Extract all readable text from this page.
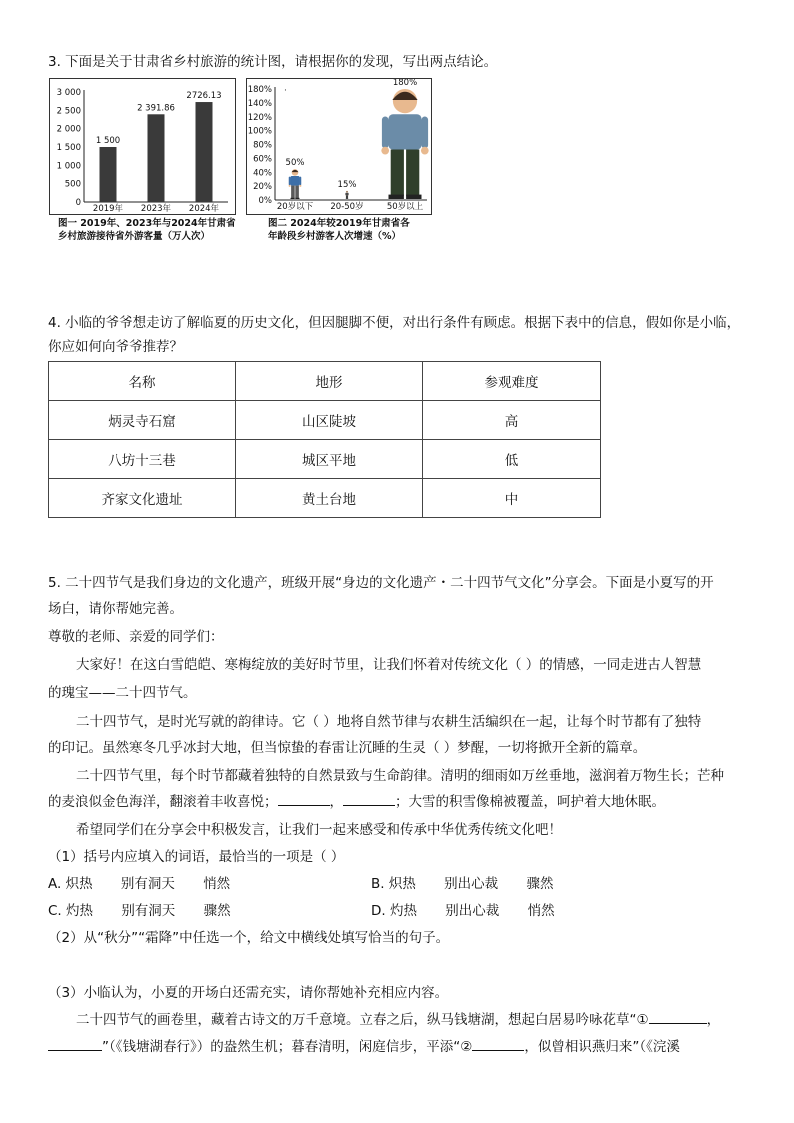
3. 下面是关于甘肃省乡村旅游的统计图，请根据你的发现，写出两点结论。
3 000
2 500
2 000
1 500
1 000
500
0
1 500
2019年
2 391.86
2023年
2726.13
2024年
图一 2019年、2023年与2024年甘肃省
乡村旅游接待省外游客量（万人次）
180%
140%
120%
100%
80%
60%
40%
20%
0%
·
50%
20岁以下
15%
20-50岁
180%
50岁以上
图二 2024年较2019年甘肃省各
年龄段乡村游客人次增速（%）
4. 小临的爷爷想走访了解临夏的历史文化，但因腿脚不便，对出行条件有顾虑。根据下表中的信息，假如你是小临，
你应如何向爷爷推荐？
名称	地形	参观难度
炳灵寺石窟	山区陡坡	高
八坊十三巷	城区平地	低
齐家文化遗址	黄土台地	中
5. 二十四节气是我们身边的文化遗产，班级开展“身边的文化遗产・二十四节气文化”分享会。下面是小夏写的开
场白，请你帮她完善。
尊敬的老师、亲爱的同学们：
大家好！在这白雪皑皑、寒梅绽放的美好时节里，让我们怀着对传统文化（ ）的情感，一同走进古人智慧
的瑰宝——二十四节气。
二十四节气，是时光写就的韵律诗。它（ ）地将自然节律与农耕生活编织在一起，让每个时节都有了独特
的印记。虽然寒冬几乎冰封大地，但当惊蛰的春雷让沉睡的生灵（ ）梦醒，一切将掀开全新的篇章。
二十四节气里，每个时节都藏着独特的自然景致与生命韵律。清明的细雨如万丝垂地，滋润着万物生长；芒种
的麦浪似金色海洋，翻滚着丰收喜悦；	，	；大雪的积雪像棉被覆盖，呵护着大地休眠。
希望同学们在分享会中积极发言，让我们一起来感受和传承中华优秀传统文化吧！
（1）括号内应填入的词语，最恰当的一项是（ ）
A. 炽热 别有洞天 悄然	B. 炽热 别出心裁 骤然
C. 灼热 别有洞天 骤然	D. 灼热 别出心裁 悄然
（2）从“秋分”“霜降”中任选一个，给文中横线处填写恰当的句子。
（3）小临认为，小夏的开场白还需充实，请你帮她补充相应内容。
二十四节气的画卷里，藏着古诗文的万千意境。立春之后，纵马钱塘湖，想起白居易吟咏花草“①	，
”（《钱塘湖春行》）的盎然生机；暮春清明，闲庭信步，平添“②	，似曾相识燕归来”（《浣溪
